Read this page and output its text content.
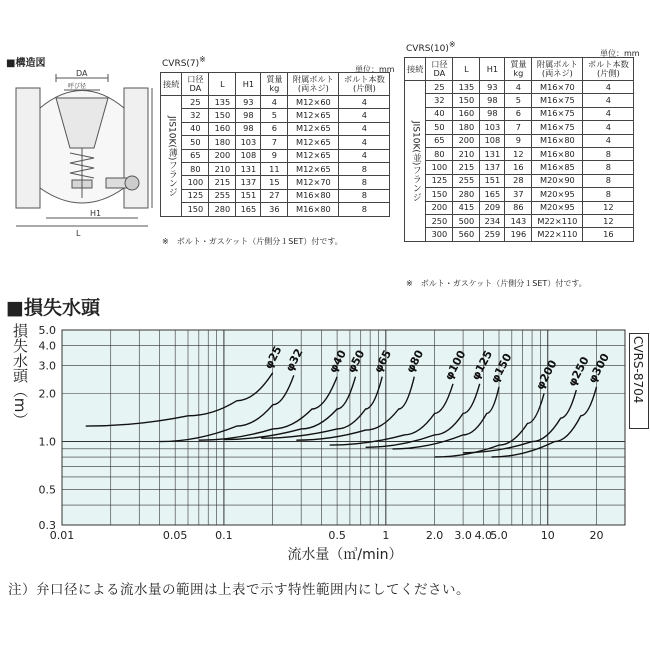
■構造図
DA
呼び径
H1
L
CVRS(7)※
単位：mm
接続	口径
DA	L	H1	質量
kg	附属ボルト
(両ネジ)	ボルト本数
(片側)

JIS10K(薄)フランジ	25	135	93	4	M12×60	4
	32	150	98	5	M12×65	4
	40	160	98	6	M12×65	4
	50	180	103	7	M12×65	4
	65	200	108	9	M12×65	4
	80	210	131	11	M12×65	8
	100	215	137	15	M12×70	8
	125	255	151	27	M16×80	8
	150	280	165	36	M16×80	8
※　ボルト・ガスケット（片側分１SET）付です。
CVRS(10)※
単位：mm
接続	口径
DA	L	H1	質量
kg	附属ボルト
(両ネジ)	ボルト本数
(片側)

JIS10K(並)フランジ	25	135	93	4	M16×70	4
	32	150	98	5	M16×75	4
	40	160	98	6	M16×75	4
	50	180	103	7	M16×75	4
	65	200	108	9	M16×80	4
	80	210	131	12	M16×80	8
	100	215	137	16	M16×85	8
	125	255	151	28	M20×90	8
	150	280	165	37	M20×95	8
	200	415	209	86	M20×95	12
	250	500	234	143	M22×110	12
	300	560	259	196	M22×110	16
※　ボルト・ガスケット（片側分１SET）付です。
■損失水頭
0.01	0.05	0.1	0.5	1	2.0 3.0 4.0
5.0	10	20
5.0
4.0
3.0
2.0
1.0
0.5
0.3
流水量（㎥/min）
損失水頭（m）	φ25
φ32 φ40
φ50 φ65 φ80 φ100 φ125
φ150 φ200 φ250
φ300 CVRS-8704
注）弁口径による流水量の範囲は上表で示す特性範囲内にしてください。
